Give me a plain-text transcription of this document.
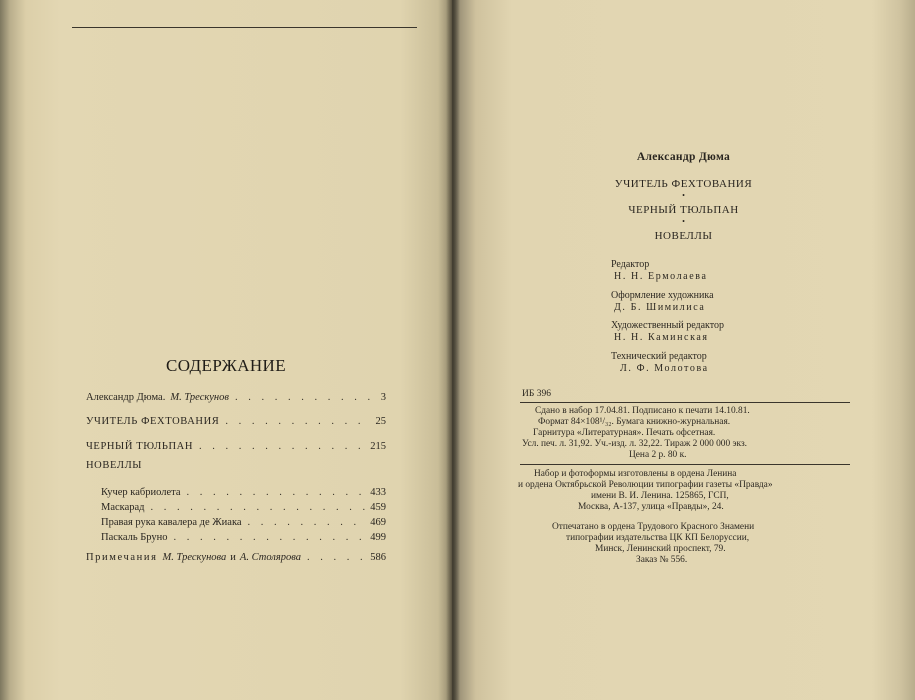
СОДЕРЖАНИЕ
Александр Дюма. М. Трескунов . . .	3
УЧИТЕЛЬ ФЕХТОВАНИЯ . . .	25
ЧЕРНЫЙ ТЮЛЬПАН . . .	215
НОВЕЛЛЫ
Кучер кабриолета . . .	433
Маскарад . . .	459
Правая рука кавалера де Жиака . . .	469
Паскаль Бруно . . .	499
Примечания М. Трескунова и А. Столярова . . .	586
Александр Дюма
УЧИТЕЛЬ ФЕХТОВАНИЯ
•
ЧЕРНЫЙ ТЮЛЬПАН
•
НОВЕЛЛЫ
Редактор
Н. Н. Ермолаева
Оформление художника
Д. Б. Шимилиса
Художественный редактор
Н. Н. Каминская
Технический редактор
Л. Ф. Молотова
ИБ 396
Сдано в набор 17.04.81. Подписано к печати 14.10.81.
Формат 84×108¹/₃₂. Бумага книжно-журнальная.
Гарнитура «Литературная». Печать офсетная.
Усл. печ. л. 31,92. Уч.-изд. л. 32,22. Тираж 2 000 000 экз.
Цена 2 р. 80 к.
Набор и фотоформы изготовлены в ордена Ленина
и ордена Октябрьской Революции типографии газеты «Правда»
имени В. И. Ленина. 125865, ГСП,
Москва, А-137, улица «Правды», 24.
Отпечатано в ордена Трудового Красного Знамени
типографии издательства ЦК КП Белоруссии,
Минск, Ленинский проспект, 79.
Заказ № 556.
